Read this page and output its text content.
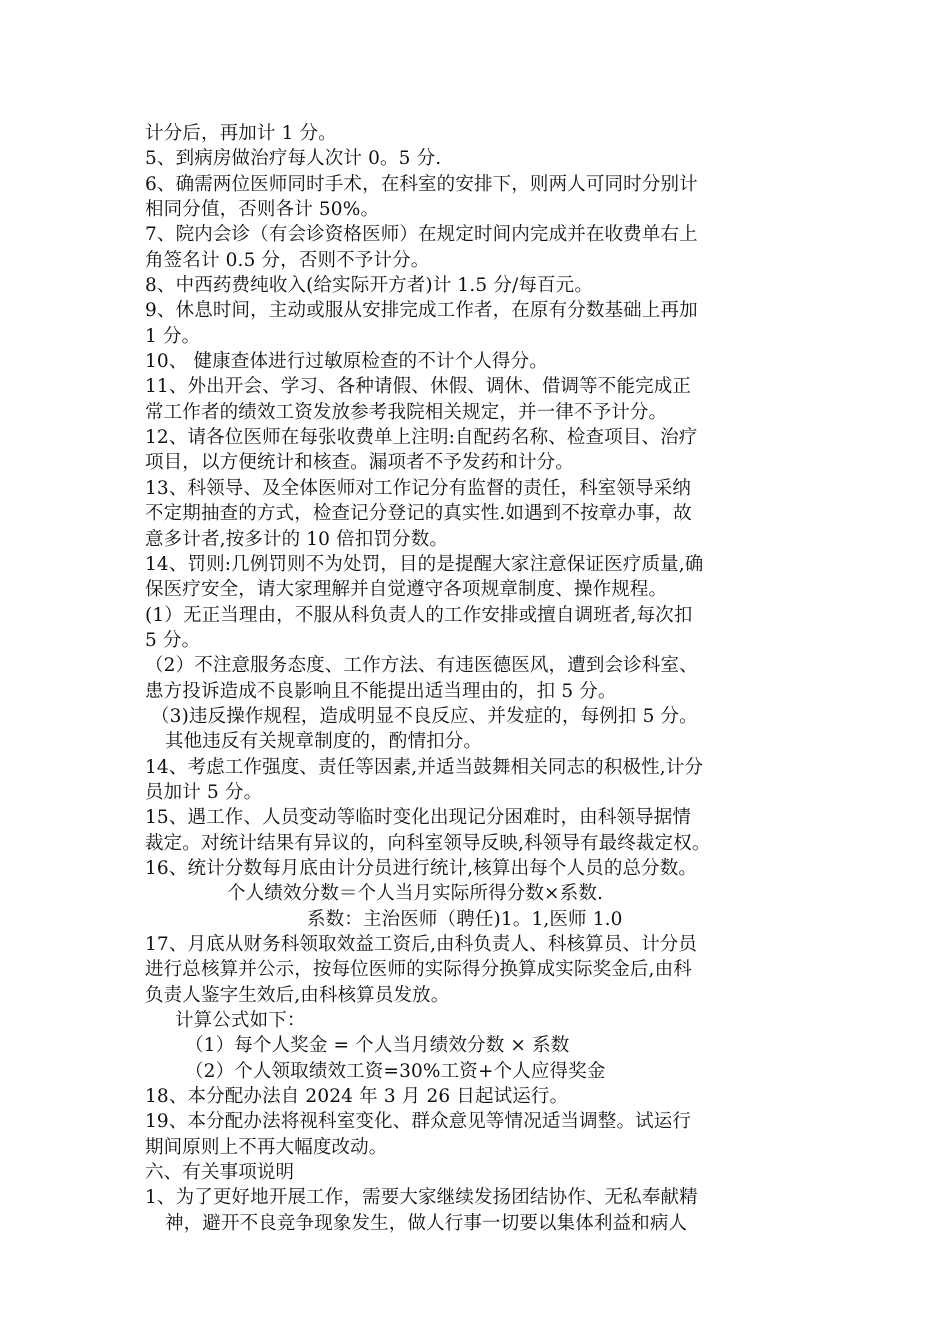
计分后，再加计 1 分。
5、到病房做治疗每人次计 0。5 分.
6、确需两位医师同时手术，在科室的安排下，则两人可同时分别计
相同分值，否则各计 50%。
7、院内会诊（有会诊资格医师）在规定时间内完成并在收费单右上
角签名计 0.5 分，否则不予计分。
8、中西药费纯收入(给实际开方者)计 1.5 分/每百元。
9、休息时间，主动或服从安排完成工作者，在原有分数基础上再加
1 分。
10、 健康查体进行过敏原检查的不计个人得分。
11、外出开会、学习、各种请假、休假、调休、借调等不能完成正
常工作者的绩效工资发放参考我院相关规定，并一律不予计分。
12、请各位医师在每张收费单上注明:自配药名称、检查项目、治疗
项目，以方便统计和核查。漏项者不予发药和计分。
13、科领导、及全体医师对工作记分有监督的责任，科室领导采纳
不定期抽查的方式，检查记分登记的真实性.如遇到不按章办事，故
意多计者,按多计的 10 倍扣罚分数。
14、罚则:几例罚则不为处罚，目的是提醒大家注意保证医疗质量,确
保医疗安全，请大家理解并自觉遵守各项规章制度、操作规程。
(1）无正当理由，不服从科负责人的工作安排或擅自调班者,每次扣
5 分。
（2）不注意服务态度、工作方法、有违医德医风，遭到会诊科室、
患方投诉造成不良影响且不能提出适当理由的，扣 5 分。
（3)违反操作规程，造成明显不良反应、并发症的，每例扣 5 分。
其他违反有关规章制度的，酌情扣分。
14、考虑工作强度、责任等因素,并适当鼓舞相关同志的积极性,计分
员加计 5 分。
15、遇工作、人员变动等临时变化出现记分困难时，由科领导据情
裁定。对统计结果有异议的，向科室领导反映,科领导有最终裁定权。
16、统计分数每月底由计分员进行统计,核算出每个人员的总分数。
个人绩效分数＝个人当月实际所得分数×系数.
系数：主治医师（聘任)1。1,医师 1.0
17、月底从财务科领取效益工资后,由科负责人、科核算员、计分员
进行总核算并公示，按每位医师的实际得分换算成实际奖金后,由科
负责人鉴字生效后,由科核算员发放。
计算公式如下：
（1）每个人奖金 = 个人当月绩效分数 × 系数
（2）个人领取绩效工资=30%工资+个人应得奖金
18、本分配办法自 2024 年 3 月 26 日起试运行。
19、本分配办法将视科室变化、群众意见等情况适当调整。试运行
期间原则上不再大幅度改动。
六、有关事项说明
1、为了更好地开展工作，需要大家继续发扬团结协作、无私奉献精
神，避开不良竞争现象发生，做人行事一切要以集体利益和病人
